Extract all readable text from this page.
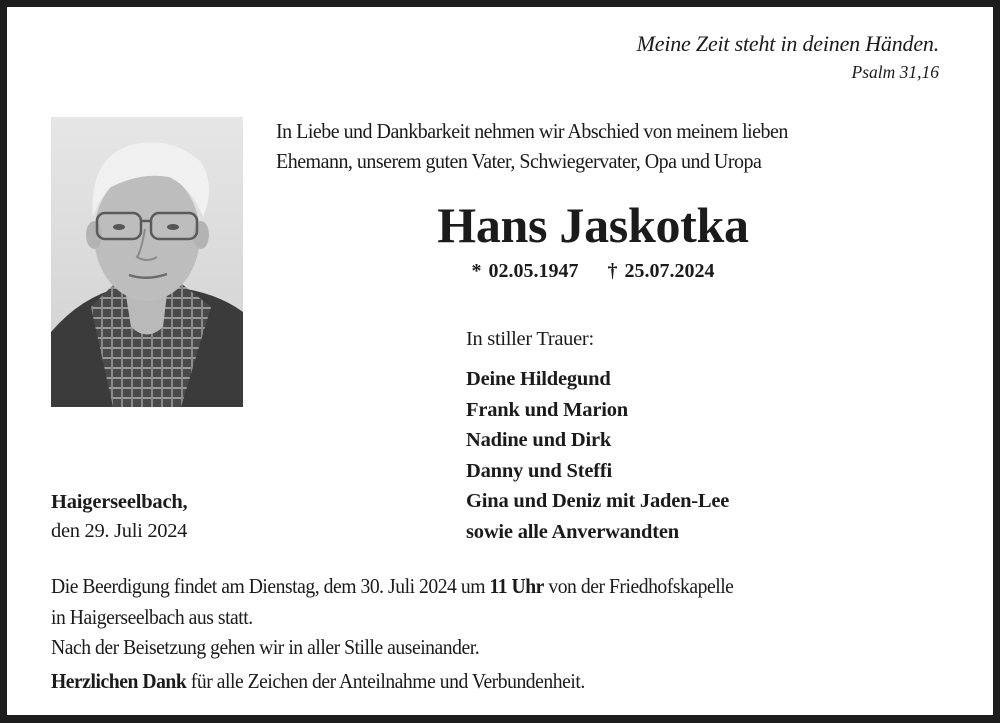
Meine Zeit steht in deinen Händen.
Psalm 31,16
In Liebe und Dankbarkeit nehmen wir Abschied von meinem lieben
Ehemann, unserem guten Vater, Schwiegervater, Opa und Uropa
Hans Jaskotka
* 02.05.1947 † 25.07.2024
In stiller Trauer:
Deine Hildegund
Frank und Marion
Nadine und Dirk
Danny und Steffi
Gina und Deniz mit Jaden-Lee
sowie alle Anverwandten
Haigerseelbach,
den 29. Juli 2024
Die Beerdigung findet am Dienstag, dem 30. Juli 2024 um 11 Uhr von der Friedhofskapelle
in Haigerseelbach aus statt.
Nach der Beisetzung gehen wir in aller Stille auseinander.
Herzlichen Dank für alle Zeichen der Anteilnahme und Verbundenheit.
